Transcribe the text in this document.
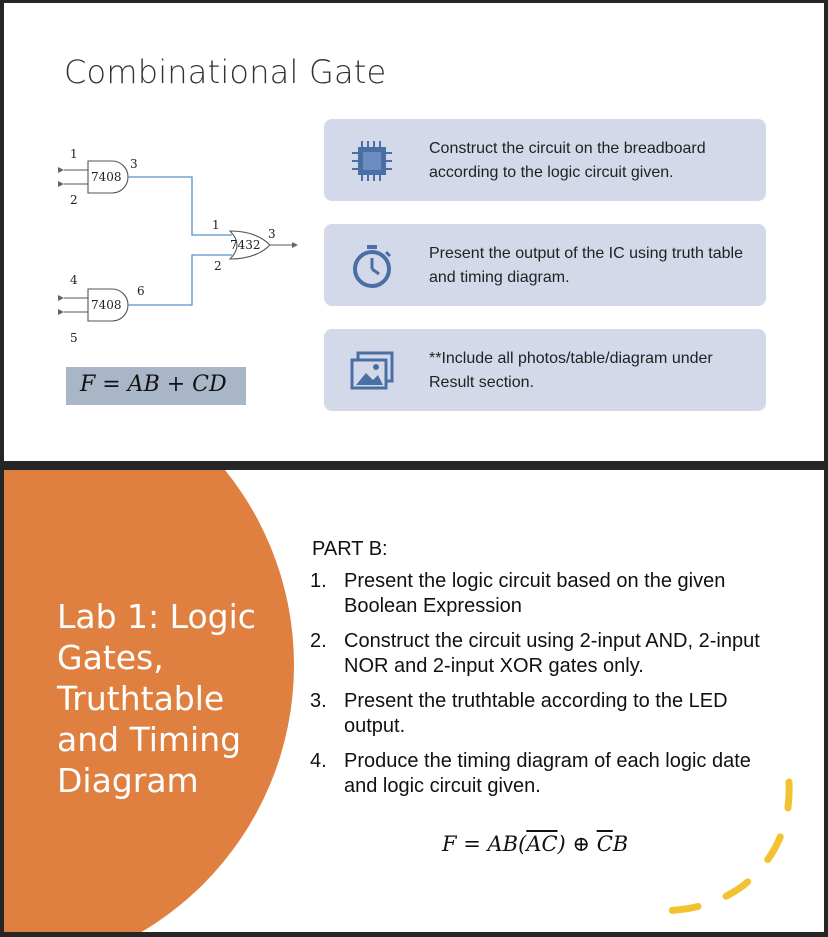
Combinational Gate
7408
7408
7432
1
2
3
4
5
6
1
2
3
F = AB + CD
Construct the circuit on the breadboard according to the logic circuit given.
Present the output of the IC using truth table and timing diagram.
**Include all photos/table/diagram under Result section.
Lab 1: Logic Gates, Truthtable and Timing Diagram
PART B:
1. Present the logic circuit based on the given Boolean Expression
2. Construct the circuit using 2-input AND, 2-input NOR and 2-input XOR gates only.
3. Present the truthtable according to the LED output.
4. Produce the timing diagram of each logic date and logic circuit given.
$F = AB(\overline{AC})$ ⊕ $\overline{C}B$
